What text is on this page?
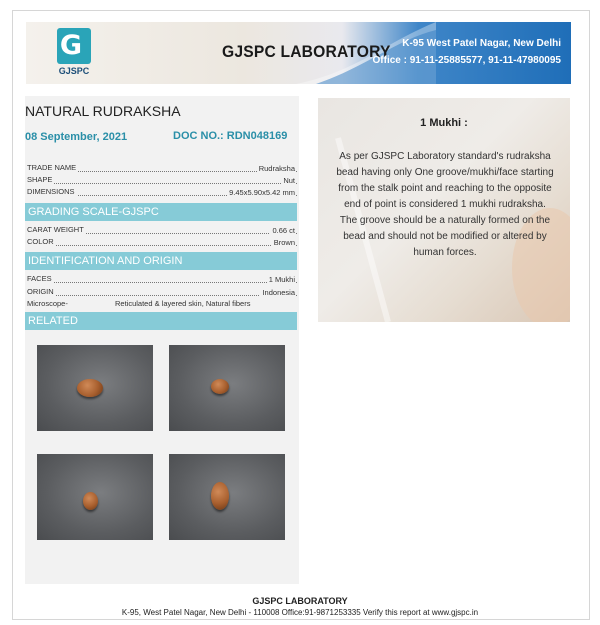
G
GJSPC
GJSPC LABORATORY K-95 West Patel Nagar, New Delhi
Office : 91-11-25885577, 91-11-47980095
NATURAL RUDRAKSHA
08 September, 2021	DOC NO.: RDN048169
TRADE NAME	Rudraksha
SHAPE	Nut
DIMENSIONS	9.45x5.90x5.42 mm
GRADING SCALE-GJSPC
CARAT WEIGHT	0.66 ct
COLOR	Brown
IDENTIFICATION AND ORIGIN
FACES	1 Mukhi
ORIGIN	Indonesia
Microscope-	Reticulated & layered skin, Natural fibers
RELATED
1 Mukhi :
As per GJSPC Laboratory standard's rudraksha bead having only One groove/mukhi/face starting from the stalk point and reaching to the opposite end of point is considered 1 mukhi rudraksha. The groove should be a naturally formed on the bead and should not be modified or altered by human forces.
GJSPC LABORATORY
K-95, West Patel Nagar, New Delhi - 110008 Office:91-9871253335 Verify this report at www.gjspc.in
